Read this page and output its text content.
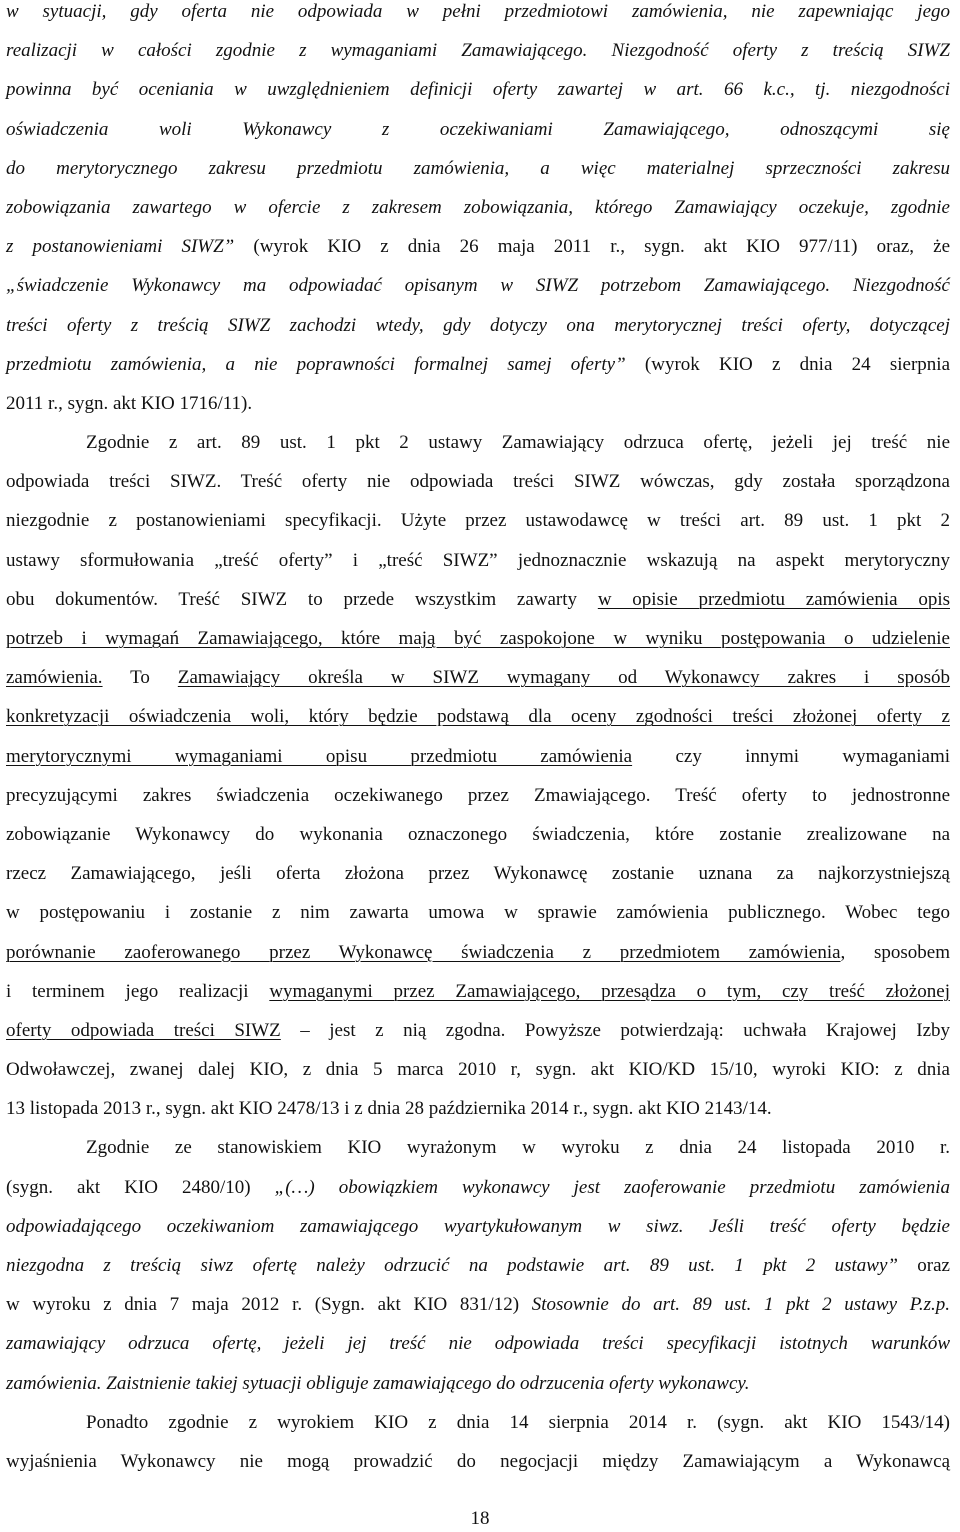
w sytuacji, gdy oferta nie odpowiada w pełni przedmiotowi zamówienia, nie zapewniając jego
realizacji w całości zgodnie z wymaganiami Zamawiającego. Niezgodność oferty z treścią SIWZ
powinna być oceniania w uwzględnieniem definicji oferty zawartej w art. 66 k.c., tj. niezgodności
oświadczenia woli Wykonawcy z oczekiwaniami Zamawiającego, odnoszącymi się
do merytorycznego zakresu przedmiotu zamówienia, a więc materialnej sprzeczności zakresu
zobowiązania zawartego w ofercie z zakresem zobowiązania, którego Zamawiający oczekuje, zgodnie
z postanowieniami SIWZ” (wyrok KIO z dnia 26 maja 2011 r., sygn. akt KIO 977/11) oraz, że
„świadczenie Wykonawcy ma odpowiadać opisanym w SIWZ potrzebom Zamawiającego. Niezgodność
treści oferty z treścią SIWZ zachodzi wtedy, gdy dotyczy ona merytorycznej treści oferty, dotyczącej
przedmiotu zamówienia, a nie poprawności formalnej samej oferty” (wyrok KIO z dnia 24 sierpnia
2011 r., sygn. akt KIO 1716/11).
Zgodnie z art. 89 ust. 1 pkt 2 ustawy Zamawiający odrzuca ofertę, jeżeli jej treść nie
odpowiada treści SIWZ. Treść oferty nie odpowiada treści SIWZ wówczas, gdy została sporządzona
niezgodnie z postanowieniami specyfikacji. Użyte przez ustawodawcę w treści art. 89 ust. 1 pkt 2
ustawy sformułowania „treść oferty” i „treść SIWZ” jednoznacznie wskazują na aspekt merytoryczny
obu dokumentów. Treść SIWZ to przede wszystkim zawarty w opisie przedmiotu zamówienia opis
potrzeb i wymagań Zamawiającego, które mają być zaspokojone w wyniku postępowania o udzielenie
zamówienia. To Zamawiający określa w SIWZ wymagany od Wykonawcy zakres i sposób
konkretyzacji oświadczenia woli, który będzie podstawą dla oceny zgodności treści złożonej oferty z
merytorycznymi wymaganiami opisu przedmiotu zamówienia czy innymi wymaganiami
precyzującymi zakres świadczenia oczekiwanego przez Zmawiającego. Treść oferty to jednostronne
zobowiązanie Wykonawcy do wykonania oznaczonego świadczenia, które zostanie zrealizowane na
rzecz Zamawiającego, jeśli oferta złożona przez Wykonawcę zostanie uznana za najkorzystniejszą
w postępowaniu i zostanie z nim zawarta umowa w sprawie zamówienia publicznego. Wobec tego
porównanie zaoferowanego przez Wykonawcę świadczenia z przedmiotem zamówienia, sposobem
i terminem jego realizacji wymaganymi przez Zamawiającego, przesądza o tym, czy treść złożonej
oferty odpowiada treści SIWZ – jest z nią zgodna. Powyższe potwierdzają: uchwała Krajowej Izby
Odwoławczej, zwanej dalej KIO, z dnia 5 marca 2010 r, sygn. akt KIO/KD 15/10, wyroki KIO: z dnia
13 listopada 2013 r., sygn. akt KIO 2478/13 i z dnia 28 października 2014 r., sygn. akt KIO 2143/14.
Zgodnie ze stanowiskiem KIO wyrażonym w wyroku z dnia 24 listopada 2010 r.
(sygn. akt KIO 2480/10) „(…) obowiązkiem wykonawcy jest zaoferowanie przedmiotu zamówienia
odpowiadającego oczekiwaniom zamawiającego wyartykułowanym w siwz. Jeśli treść oferty będzie
niezgodna z treścią siwz ofertę należy odrzucić na podstawie art. 89 ust. 1 pkt 2 ustawy” oraz
w wyroku z dnia 7 maja 2012 r. (Sygn. akt KIO 831/12) Stosownie do art. 89 ust. 1 pkt 2 ustawy P.z.p.
zamawiający odrzuca ofertę, jeżeli jej treść nie odpowiada treści specyfikacji istotnych warunków
zamówienia. Zaistnienie takiej sytuacji obliguje zamawiającego do odrzucenia oferty wykonawcy.
Ponadto zgodnie z wyrokiem KIO z dnia 14 sierpnia 2014 r. (sygn. akt KIO 1543/14)
wyjaśnienia Wykonawcy nie mogą prowadzić do negocjacji między Zamawiającym a Wykonawcą
18
